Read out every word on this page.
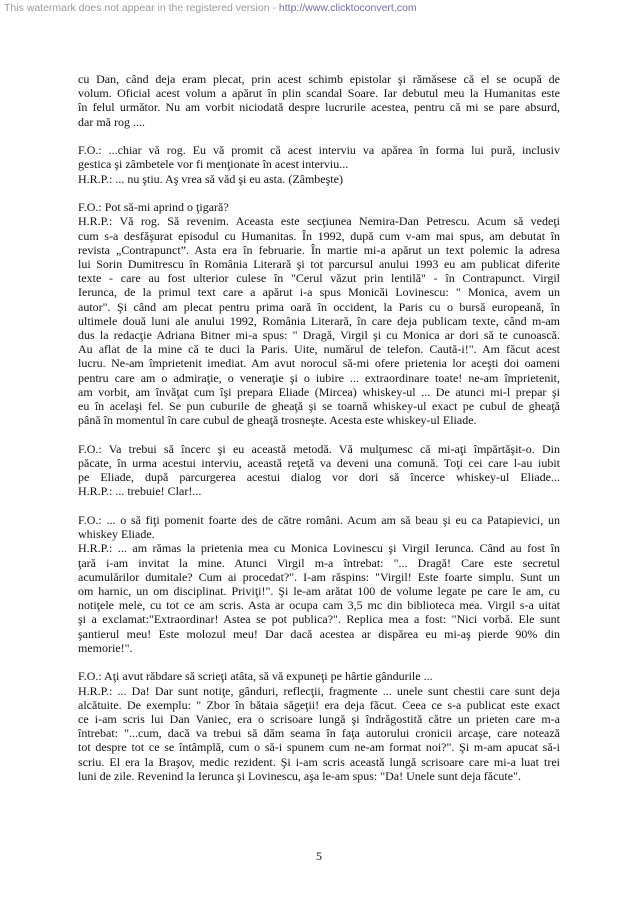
This watermark does not appear in the registered version - http://www.clicktoconvert.com
cu Dan, când deja eram plecat, prin acest schimb epistolar şi rămăsese că el se ocupă de
volum. Oficial acest volum a apărut în plin scandal Soare. Iar debutul meu la Humanitas este
în felul următor. Nu am vorbit niciodată despre lucrurile acestea, pentru că mi se pare absurd,
dar mă rog ....
F.O.: ...chiar vă rog. Eu vă promit că acest interviu va apărea în forma lui pură, inclusiv
gestica şi zâmbetele vor fi menţionate în acest interviu...
H.R.P.: ... nu ştiu. Aş vrea să văd şi eu asta. (Zâmbeşte)
F.O.: Pot să-mi aprind o ţigară?
H.R.P.: Vă rog. Să revenim. Aceasta este secţiunea Nemira-Dan Petrescu. Acum să vedeţi
cum s-a desfăşurat episodul cu Humanitas. În 1992, după cum v-am mai spus, am debutat în
revista „Contrapunct”. Asta era în februarie. În martie mi-a apărut un text polemic la adresa
lui Sorin Dumitrescu în România Literară şi tot parcursul anului 1993 eu am publicat diferite
texte - care au fost ulterior culese în "Cerul văzut prin lentilă" - în Contrapunct. Virgil
Ierunca, de la primul text care a apărut i-a spus Monicăi Lovinescu: " Monica, avem un
autor". Şi când am plecat pentru prima oară în occident, la Paris cu o bursă europeană, în
ultimele două luni ale anului 1992, România Literară, în care deja publicam texte, când m-am
dus la redacţie Adriana Bitner mi-a spus: " Dragă, Virgil şi cu Monica ar dori să te cunoască.
Au aflat de la mine că te duci la Paris. Uite, numărul de telefon. Caută-i!". Am făcut acest
lucru. Ne-am împrietenit imediat. Am avut norocul să-mi ofere prietenia lor aceşti doi oameni
pentru care am o admiraţie, o veneraţie şi o iubire ... extraordinare toate! ne-am împrietenit,
am vorbit, am învăţat cum îşi prepara Eliade (Mircea) whiskey-ul ... De atunci mi-l prepar şi
eu în acelaşi fel. Se pun cuburile de gheaţă şi se toarnă whiskey-ul exact pe cubul de gheaţă
până în momentul în care cubul de gheaţă trosneşte. Acesta este whiskey-ul Eliade.
F.O.: Va trebui să încerc şi eu această metodă. Vă mulţumesc că mi-aţi împărtăşit-o. Din
păcate, în urma acestui interviu, această reţetă va deveni una comună. Toţi cei care l-au iubit
pe Eliade, după parcurgerea acestui dialog vor dori să încerce whiskey-ul Eliade...
H.R.P.: ... trebuie! Clar!...
F.O.: ... o să fiţi pomenit foarte des de către români. Acum am să beau şi eu ca Patapievici, un
whiskey Eliade.
H.R.P.: ... am rămas la prietenia mea cu Monica Lovinescu şi Virgil Ierunca. Când au fost în
ţară i-am invitat la mine. Atunci Virgil m-a întrebat: "... Dragă! Care este secretul
acumulărilor dumitale? Cum ai procedat?". I-am răspins: "Virgil! Este foarte simplu. Sunt un
om harnic, un om disciplinat. Priviţi!". Şi le-am arătat 100 de volume legate pe care le am, cu
notiţele mele, cu tot ce am scris. Asta ar ocupa cam 3,5 mc din biblioteca mea. Virgil s-a uitat
şi a exclamat:"Extraordinar! Astea se pot publica?". Replica mea a fost: "Nici vorbă. Ele sunt
şantierul meu! Este molozul meu! Dar dacă acestea ar dispărea eu mi-aş pierde 90% din
memorie!".
F.O.: Aţi avut răbdare să scrieţi atâta, să vă expuneţi pe hârtie gândurile ...
H.R.P.: ... Da! Dar sunt notiţe, gânduri, reflecţii, fragmente ... unele sunt chestii care sunt deja
alcătuite. De exemplu: " Zbor în bătaia săgeţii! era deja făcut. Ceea ce s-a publicat este exact
ce i-am scris lui Dan Vaniec, era o scrisoare lungă şi îndrăgostită către un prieten care m-a
întrebat: "...cum, dacă va trebui să dăm seama în faţa autorului cronicii arcaşe, care notează
tot despre tot ce se întâmplă, cum o să-i spunem cum ne-am format noi?". Şi m-am apucat să-i
scriu. El era la Braşov, medic rezident. Şi i-am scris această lungă scrisoare care mi-a luat trei
luni de zile. Revenind la Ierunca şi Lovinescu, aşa le-am spus: "Da! Unele sunt deja făcute".
5
